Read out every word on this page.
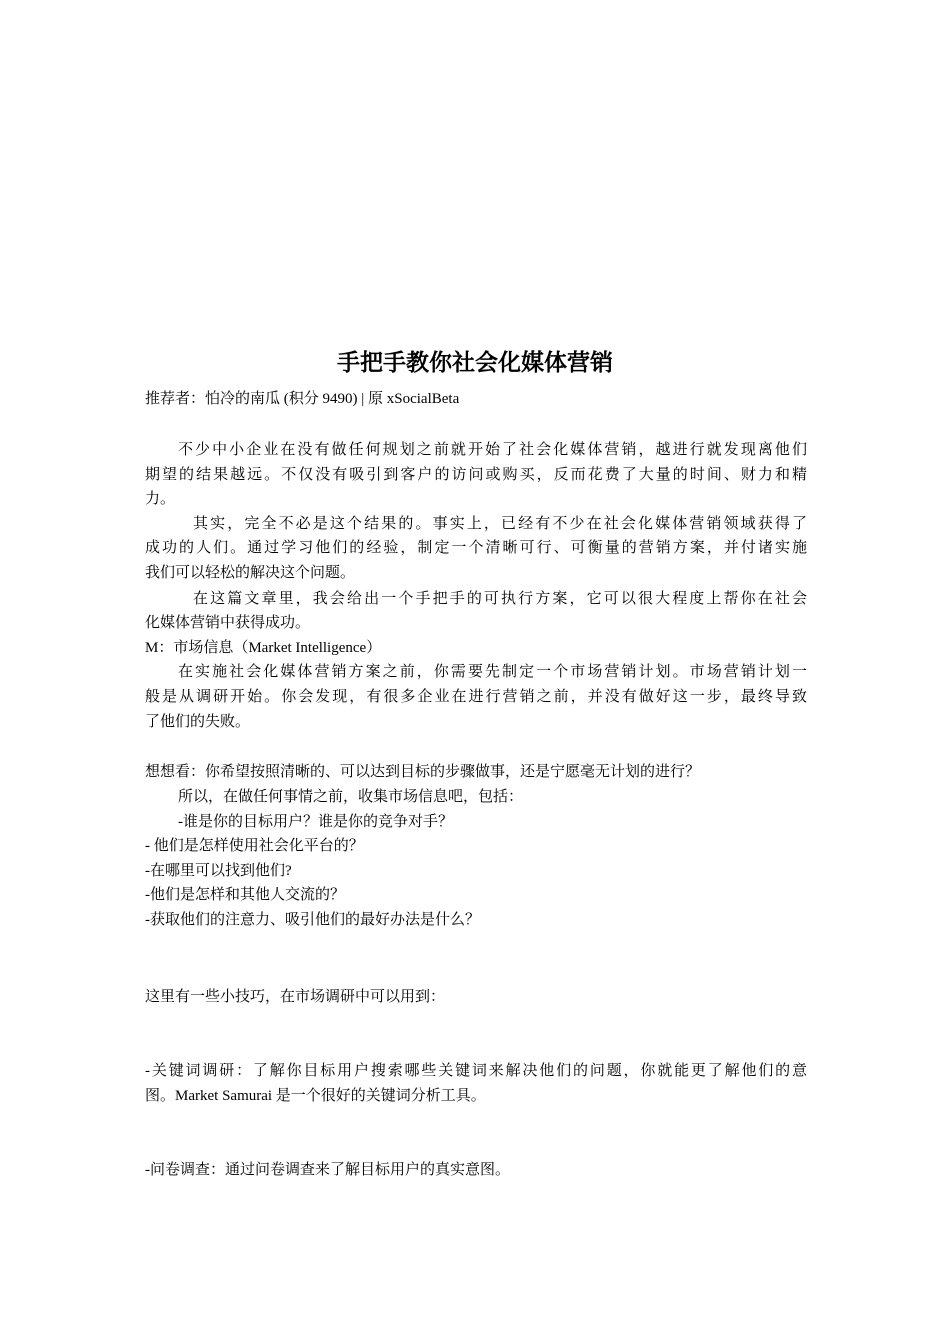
手把手教你社会化媒体营销
推荐者：怕冷的南瓜 (积分 9490) | 原 xSocialBeta
不少中小企业在没有做任何规划之前就开始了社会化媒体营销，越进行就发现离他们
期望的结果越远。不仅没有吸引到客户的访问或购买，反而花费了大量的时间、财力和精
力。
其实，完全不必是这个结果的。事实上，已经有不少在社会化媒体营销领域获得了
成功的人们。通过学习他们的经验，制定一个清晰可行、可衡量的营销方案，并付诸实施
我们可以轻松的解决这个问题。
在这篇文章里，我会给出一个手把手的可执行方案，它可以很大程度上帮你在社会
化媒体营销中获得成功。
M：市场信息（Market Intelligence）
在实施社会化媒体营销方案之前，你需要先制定一个市场营销计划。市场营销计划一
般是从调研开始。你会发现，有很多企业在进行营销之前，并没有做好这一步，最终导致
了他们的失败。
想想看：你希望按照清晰的、可以达到目标的步骤做事，还是宁愿毫无计划的进行？
所以，在做任何事情之前，收集市场信息吧，包括：
-谁是你的目标用户？谁是你的竞争对手？
- 他们是怎样使用社会化平台的？
-在哪里可以找到他们?
-他们是怎样和其他人交流的？
-获取他们的注意力、吸引他们的最好办法是什么？
这里有一些小技巧，在市场调研中可以用到：
-关键词调研：了解你目标用户搜索哪些关键词来解决他们的问题，你就能更了解他们的意
图。Market Samurai 是一个很好的关键词分析工具。
-问卷调查：通过问卷调查来了解目标用户的真实意图。
